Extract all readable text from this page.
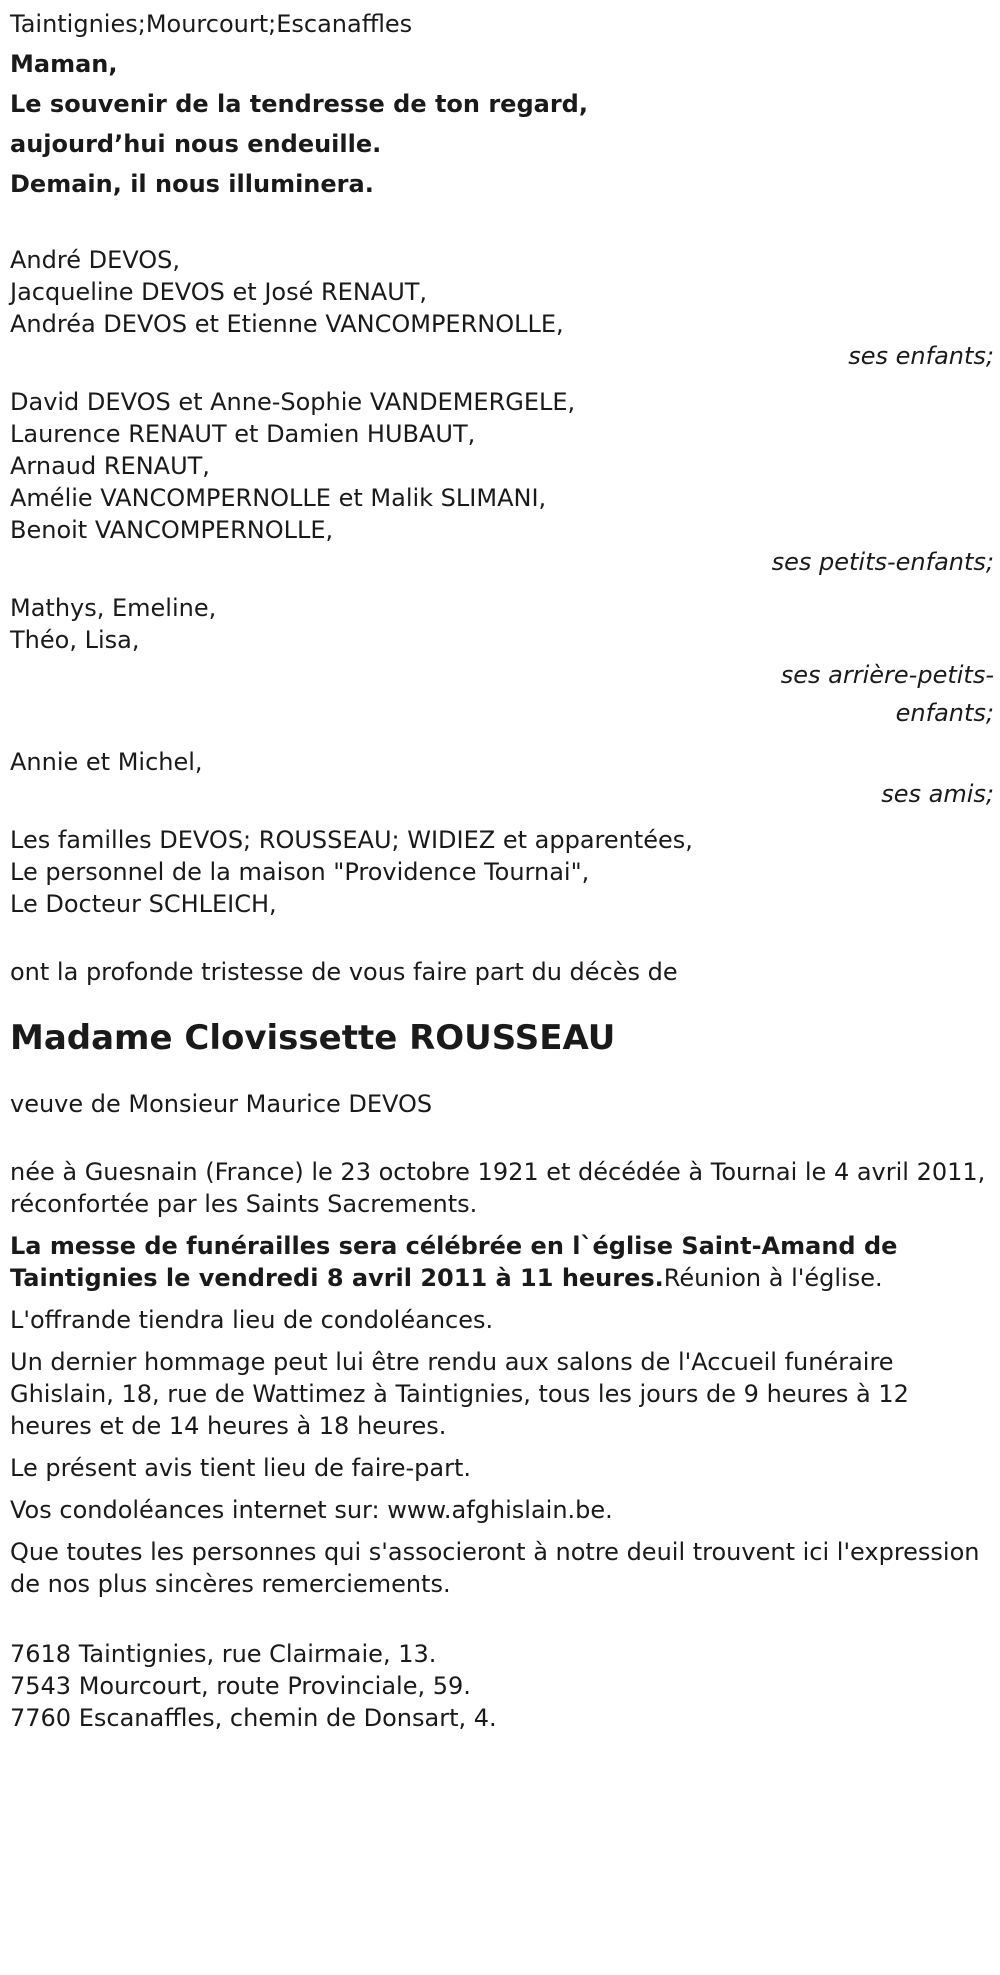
Taintignies;Mourcourt;Escanaffles
Maman,
Le souvenir de la tendresse de ton regard,
aujourd’hui nous endeuille.
Demain, il nous illuminera.
André DEVOS,
Jacqueline DEVOS et José RENAUT,
Andréa DEVOS et Etienne VANCOMPERNOLLE,
ses enfants;
David DEVOS et Anne-Sophie VANDEMERGELE,
Laurence RENAUT et Damien HUBAUT,
Arnaud RENAUT,
Amélie VANCOMPERNOLLE et Malik SLIMANI,
Benoit VANCOMPERNOLLE,
ses petits-enfants;
Mathys, Emeline,
Théo, Lisa,
ses arrière-petits-enfants;
Annie et Michel,
ses amis;
Les familles DEVOS; ROUSSEAU; WIDIEZ et apparentées,
Le personnel de la maison "Providence Tournai",
Le Docteur SCHLEICH,
ont la profonde tristesse de vous faire part du décès de
Madame Clovissette ROUSSEAU
veuve de Monsieur Maurice DEVOS
née à Guesnain (France) le 23 octobre 1921 et décédée à Tournai le 4 avril 2011, réconfortée par les Saints Sacrements.
La messe de funérailles sera célébrée en l`église Saint-Amand de Taintignies le vendredi 8 avril 2011 à 11 heures.Réunion à l'église.
L'offrande tiendra lieu de condoléances.
Un dernier hommage peut lui être rendu aux salons de l'Accueil funéraire Ghislain, 18, rue de Wattimez à Taintignies, tous les jours de 9 heures à 12 heures et de 14 heures à 18 heures.
Le présent avis tient lieu de faire-part.
Vos condoléances internet sur: www.afghislain.be.
Que toutes les personnes qui s'associeront à notre deuil trouvent ici l'expression de nos plus sincères remerciements.
7618 Taintignies, rue Clairmaie, 13.
7543 Mourcourt, route Provinciale, 59.
7760 Escanaffles, chemin de Donsart, 4.
